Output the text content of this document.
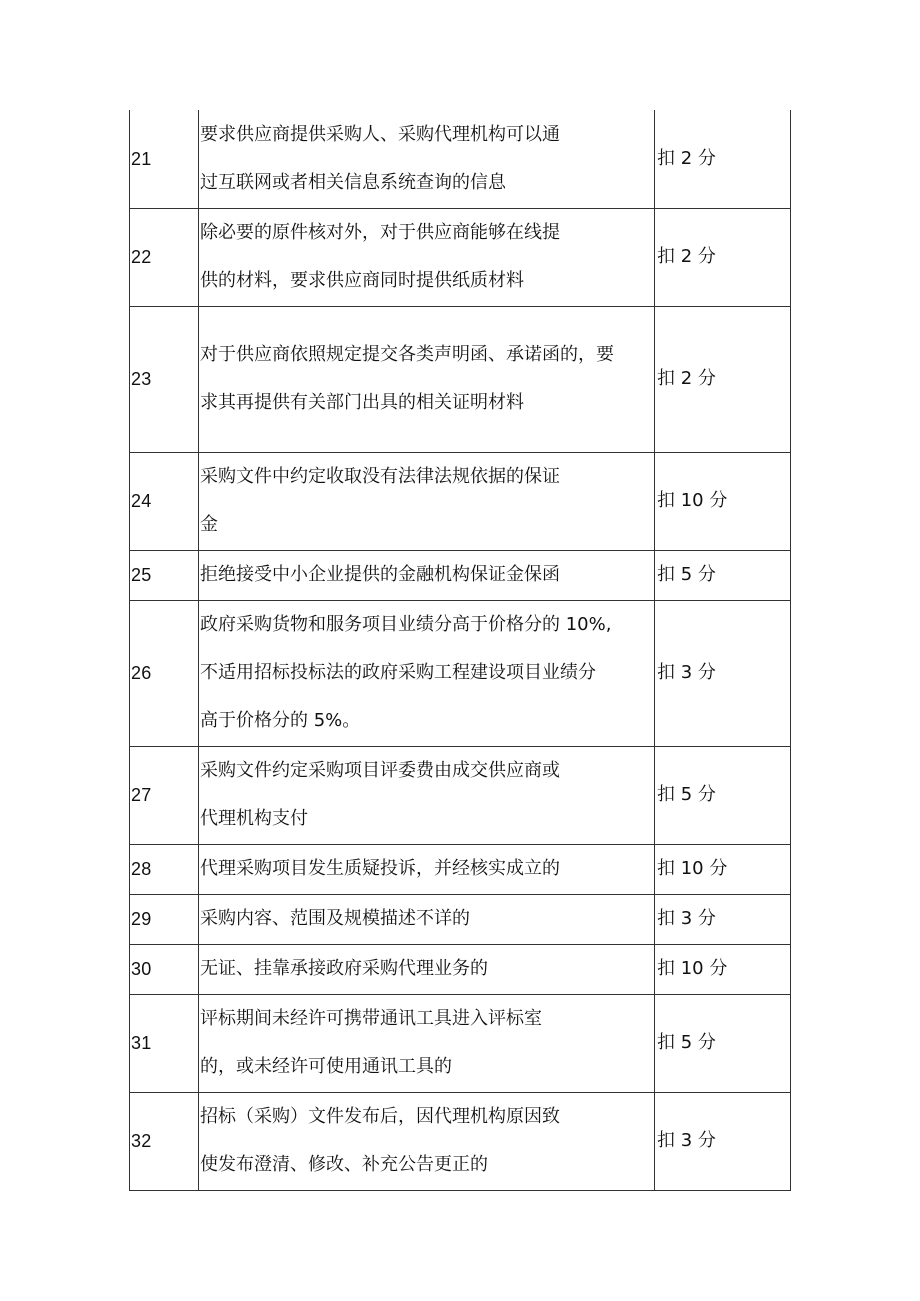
21	要求供应商提供采购人、采购代理机构可以通
过互联网或者相关信息系统查询的信息	扣 2 分
22	除必要的原件核对外，对于供应商能够在线提
供的材料，要求供应商同时提供纸质材料	扣 2 分
23	对于供应商依照规定提交各类声明函、承诺函的，要
求其再提供有关部门出具的相关证明材料	扣 2 分
24	采购文件中约定收取没有法律法规依据的保证
金	扣 10 分
25	拒绝接受中小企业提供的金融机构保证金保函	扣 5 分
26	政府采购货物和服务项目业绩分高于价格分的 10%,
不适用招标投标法的政府采购工程建设项目业绩分
高于价格分的 5%。	扣 3 分
27	采购文件约定采购项目评委费由成交供应商或
代理机构支付	扣 5 分
28	代理采购项目发生质疑投诉，并经核实成立的	扣 10 分
29	采购内容、范围及规模描述不详的	扣 3 分
30	无证、挂靠承接政府采购代理业务的	扣 10 分
31	评标期间未经许可携带通讯工具进入评标室
的，或未经许可使用通讯工具的	扣 5 分
32	招标（采购）文件发布后，因代理机构原因致
使发布澄清、修改、补充公告更正的	扣 3 分
